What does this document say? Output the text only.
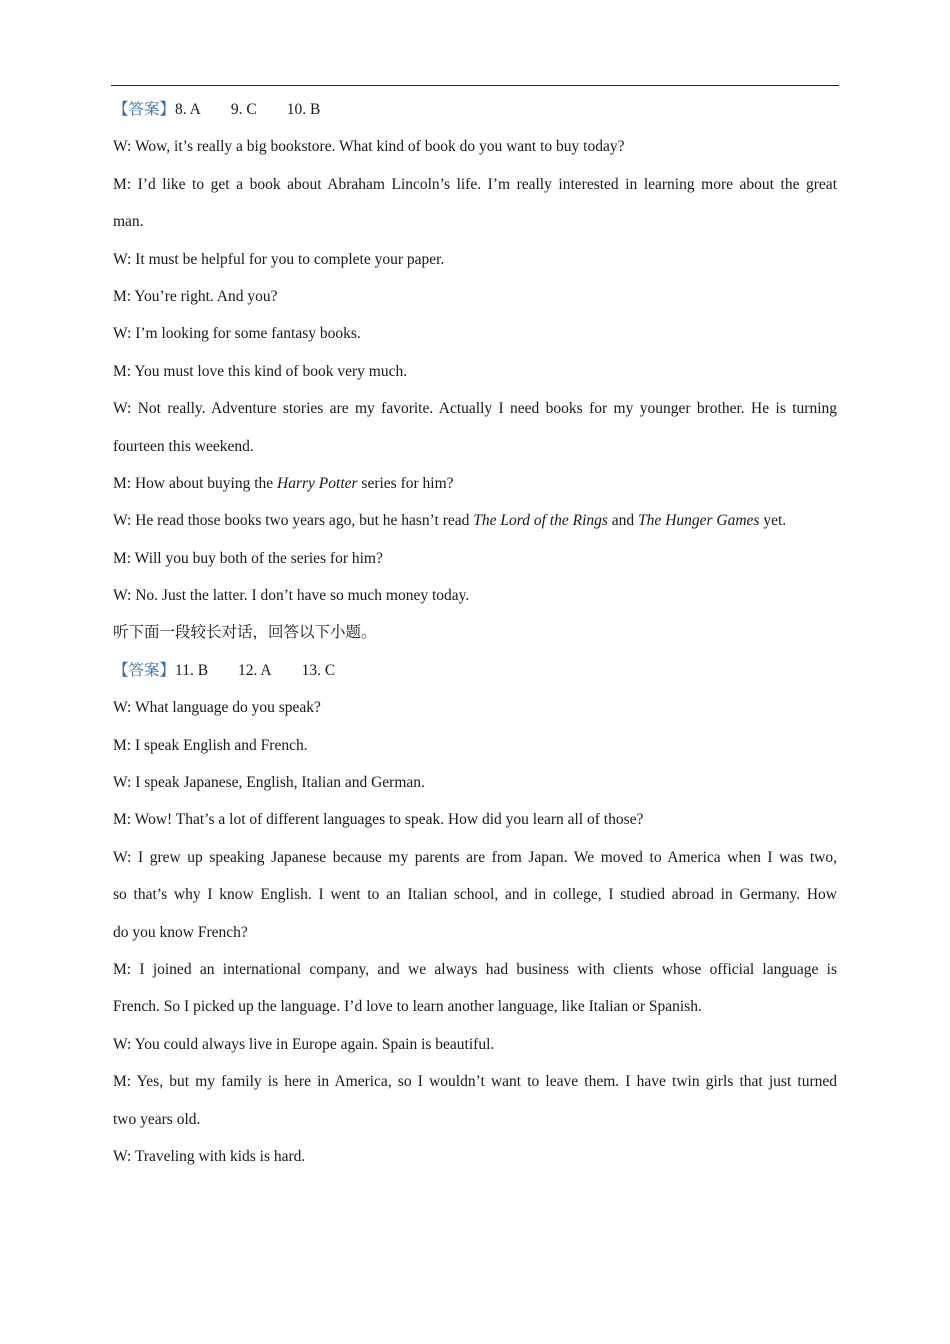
【答案】8. A 9. C 10. B
W: Wow, it’s really a big bookstore. What kind of book do you want to buy today?
M: I’d like to get a book about Abraham Lincoln’s life. I’m really interested in learning more about the great
man.
W: It must be helpful for you to complete your paper.
M: You’re right. And you?
W: I’m looking for some fantasy books.
M: You must love this kind of book very much.
W: Not really. Adventure stories are my favorite. Actually I need books for my younger brother. He is turning
fourteen this weekend.
M: How about buying the Harry Potter series for him?
W: He read those books two years ago, but he hasn’t read The Lord of the Rings and The Hunger Games yet.
M: Will you buy both of the series for him?
W: No. Just the latter. I don’t have so much money today.
听下面一段较长对话，回答以下小题。
【答案】11. B 12. A 13. C
W: What language do you speak?
M: I speak English and French.
W: I speak Japanese, English, Italian and German.
M: Wow! That’s a lot of different languages to speak. How did you learn all of those?
W: I grew up speaking Japanese because my parents are from Japan. We moved to America when I was two,
so that’s why I know English. I went to an Italian school, and in college, I studied abroad in Germany. How
do you know French?
M: I joined an international company, and we always had business with clients whose official language is
French. So I picked up the language. I’d love to learn another language, like Italian or Spanish.
W: You could always live in Europe again. Spain is beautiful.
M: Yes, but my family is here in America, so I wouldn’t want to leave them. I have twin girls that just turned
two years old.
W: Traveling with kids is hard.
